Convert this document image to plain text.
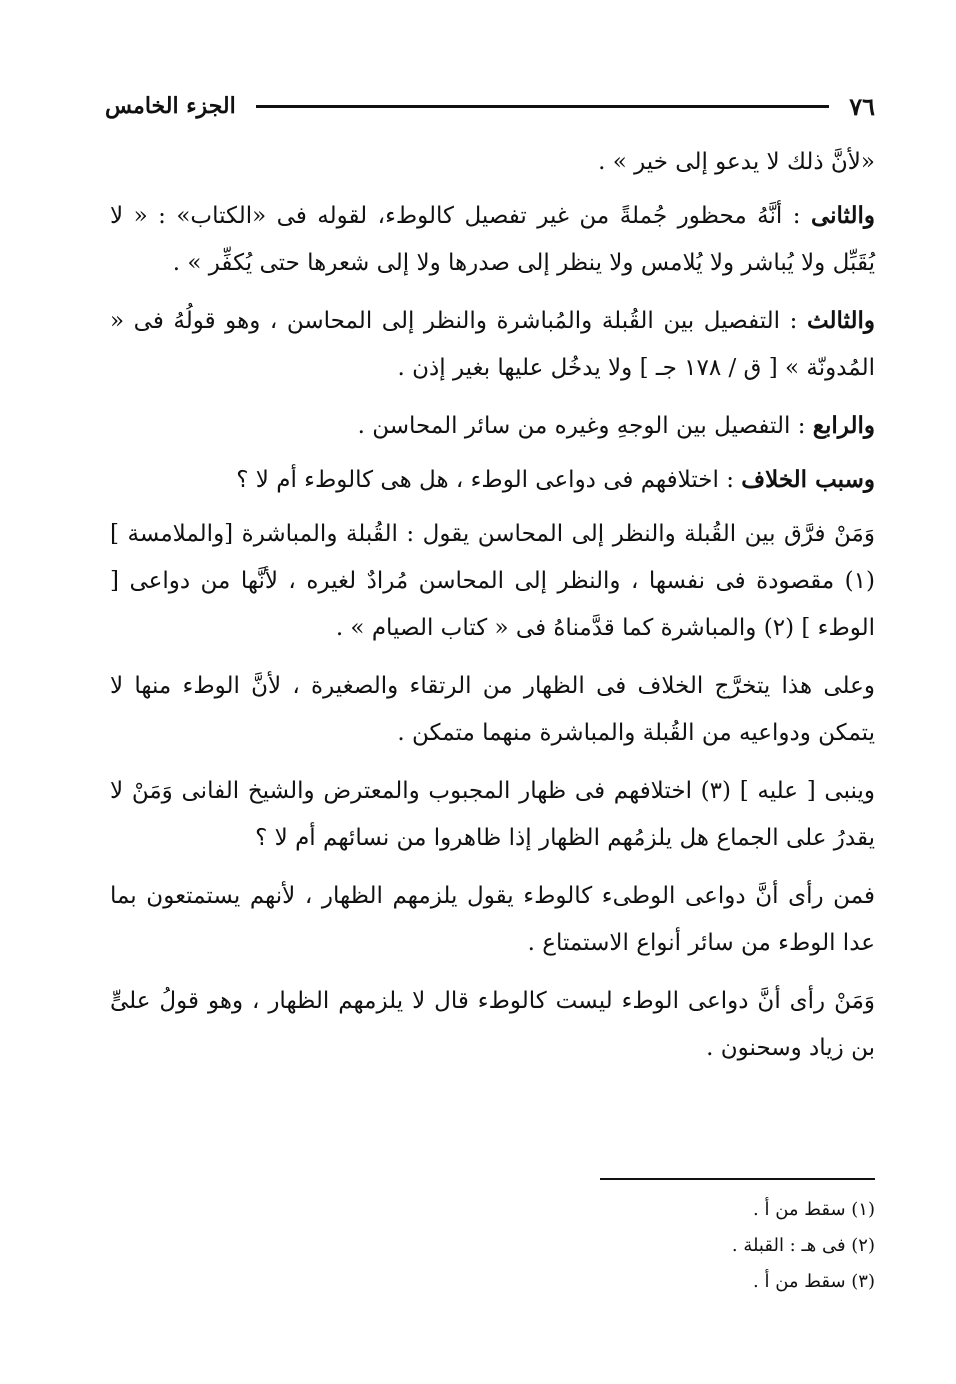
٧٦
الجزء الخامس

«لأنَّ ذلك لا يدعو إلى خير » .

والثانى : أنَّهُ محظور جُملةً من غير تفصيل كالوطء، لقوله فى «الكتاب» : « لا يُقَبِّل ولا يُباشر ولا يُلامس ولا ينظر إلى صدرها ولا إلى شعرها حتى يُكفِّر » .

والثالث : التفصيل بين القُبلة والمُباشرة والنظر إلى المحاسن ، وهو قولُهُ فى « المُدونّة » [ ق / ١٧٨ جـ ] ولا يدخُل عليها بغير إذن .

والرابع : التفصيل بين الوجهِ وغيره من سائر المحاسن .

وسبب الخلاف : اختلافهم فى دواعى الوطء ، هل هى كالوطء أم لا ؟

وَمَنْ فرَّق بين القُبلة والنظر إلى المحاسن يقول : القُبلة والمباشرة [والملامسة ] (١) مقصودة فى نفسها ، والنظر إلى المحاسن مُرادٌ لغيره ، لأنَّها من دواعى [ الوطء ] (٢) والمباشرة كما قدَّمناهُ فى « كتاب الصيام » .

وعلى هذا يتخرَّج الخلاف فى الظهار من الرتقاء والصغيرة ، لأنَّ الوطء منها لا يتمكن ودواعيه من القُبلة والمباشرة منهما متمكن .

وينبى [ عليه ] (٣) اختلافهم فى ظهار المجبوب والمعترض والشيخ الفانى وَمَنْ لا يقدرُ على الجماع هل يلزمُهم الظهار إذا ظاهروا من نسائهم أم لا ؟

فمن رأى أنَّ دواعى الوطىء كالوطء يقول يلزمهم الظهار ، لأنهم يستمتعون بما عدا الوطء من سائر أنواع الاستمتاع .

وَمَنْ رأى أنَّ دواعى الوطء ليست كالوطء قال لا يلزمهم الظهار ، وهو قولُ علىٍّ بن زياد وسحنون .

(١) سقط من أ .
(٢) فى هـ : القبلة .
(٣) سقط من أ .
